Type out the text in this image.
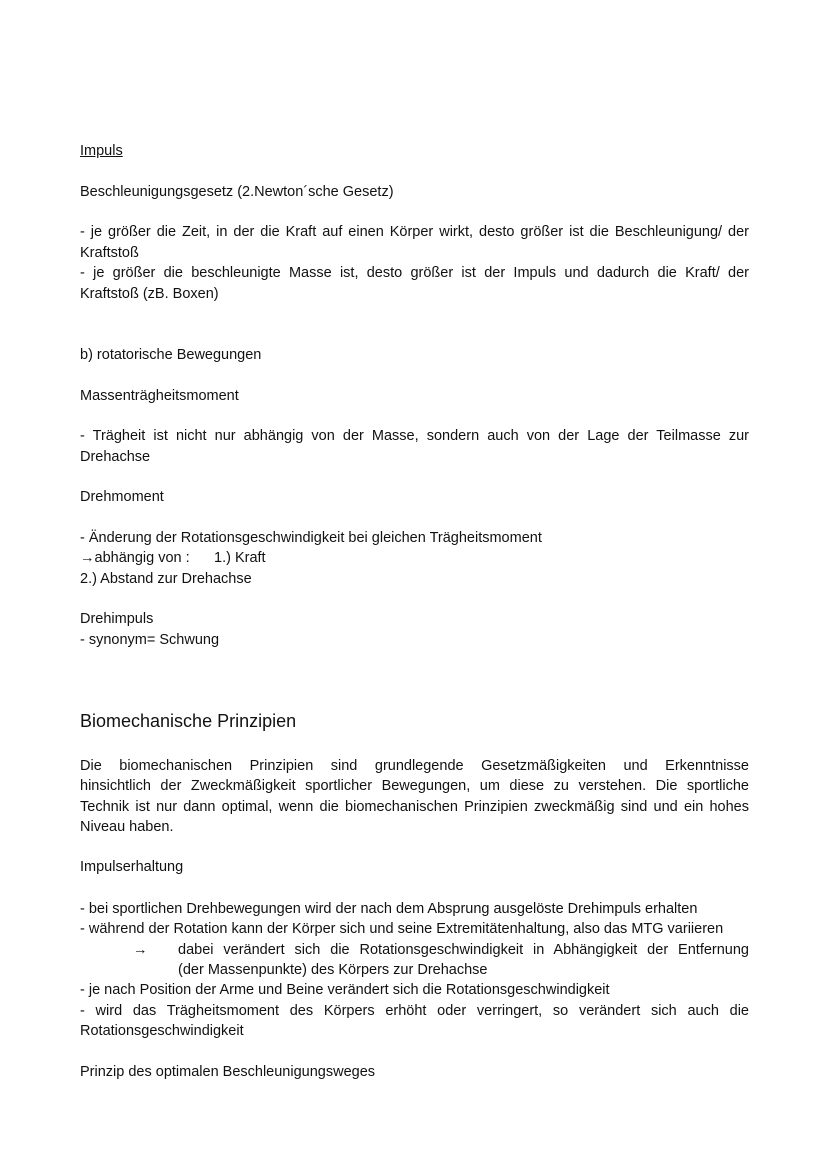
Impuls
Beschleunigungsgesetz (2.Newton´sche Gesetz)
- je größer die Zeit, in der die Kraft auf einen Körper wirkt, desto größer ist die Beschleunigung/ der
Kraftstoß
- je größer die beschleunigte Masse ist, desto größer ist der Impuls und dadurch die Kraft/ der
Kraftstoß (zB. Boxen)
b) rotatorische Bewegungen
Massenträgheitsmoment
- Trägheit ist nicht nur abhängig von der Masse, sondern auch von der Lage der Teilmasse zur
Drehachse
Drehmoment
- Änderung der Rotationsgeschwindigkeit bei gleichen Trägheitsmoment
→abhängig von : 1.) Kraft
2.) Abstand zur Drehachse
Drehimpuls
- synonym= Schwung
Biomechanische Prinzipien
Die biomechanischen Prinzipien sind grundlegende Gesetzmäßigkeiten und Erkenntnisse
hinsichtlich der Zweckmäßigkeit sportlicher Bewegungen, um diese zu verstehen. Die sportliche
Technik ist nur dann optimal, wenn die biomechanischen Prinzipien zweckmäßig sind und ein hohes
Niveau haben.
Impulserhaltung
- bei sportlichen Drehbewegungen wird der nach dem Absprung ausgelöste Drehimpuls erhalten
- während der Rotation kann der Körper sich und seine Extremitätenhaltung, also das MTG variieren
→ dabei verändert sich die Rotationsgeschwindigkeit in Abhängigkeit der Entfernung
(der Massenpunkte) des Körpers zur Drehachse
- je nach Position der Arme und Beine verändert sich die Rotationsgeschwindigkeit
- wird das Trägheitsmoment des Körpers erhöht oder verringert, so verändert sich auch die
Rotationsgeschwindigkeit
Prinzip des optimalen Beschleunigungsweges
